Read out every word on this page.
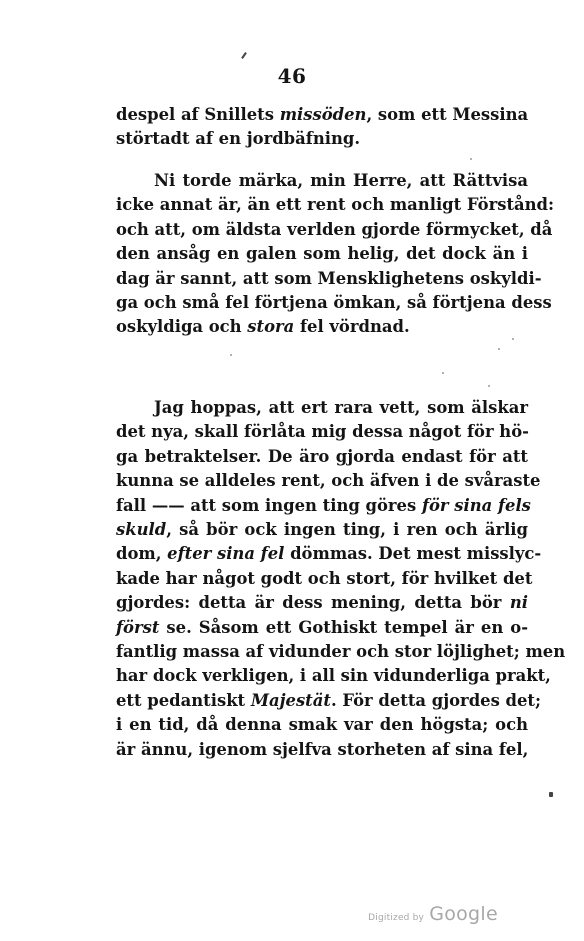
46
despel af Snillets missöden, som ett Messina
störtadt af en jordbäfning.
Ni torde märka, min Herre, att Rättvisa
icke annat är, än ett rent och manligt Förstånd:
och att, om äldsta verlden gjorde förmycket, då
den ansåg en galen som helig, det dock än i
dag är sannt, att som Mensklighetens oskyldi-
ga och små fel förtjena ömkan, så förtjena dess
oskyldiga och stora fel vördnad.
Jag hoppas, att ert rara vett, som älskar
det nya, skall förlåta mig dessa något för hö-
ga betraktelser. De äro gjorda endast för att
kunna se alldeles rent, och äfven i de svåraste
fall —— att som ingen ting göres för sina fels
skuld, så bör ock ingen ting, i ren och ärlig
dom, efter sina fel dömmas. Det mest misslyc-
kade har något godt och stort, för hvilket det
gjordes: detta är dess mening, detta bör ni
först se. Såsom ett Gothiskt tempel är en o-
fantlig massa af vidunder och stor löjlighet; men
har dock verkligen, i all sin vidunderliga prakt,
ett pedantiskt Majestät. För detta gjordes det;
i en tid, då denna smak var den högsta; och
är ännu, igenom sjelfva storheten af sina fel,
Digitized by Google
